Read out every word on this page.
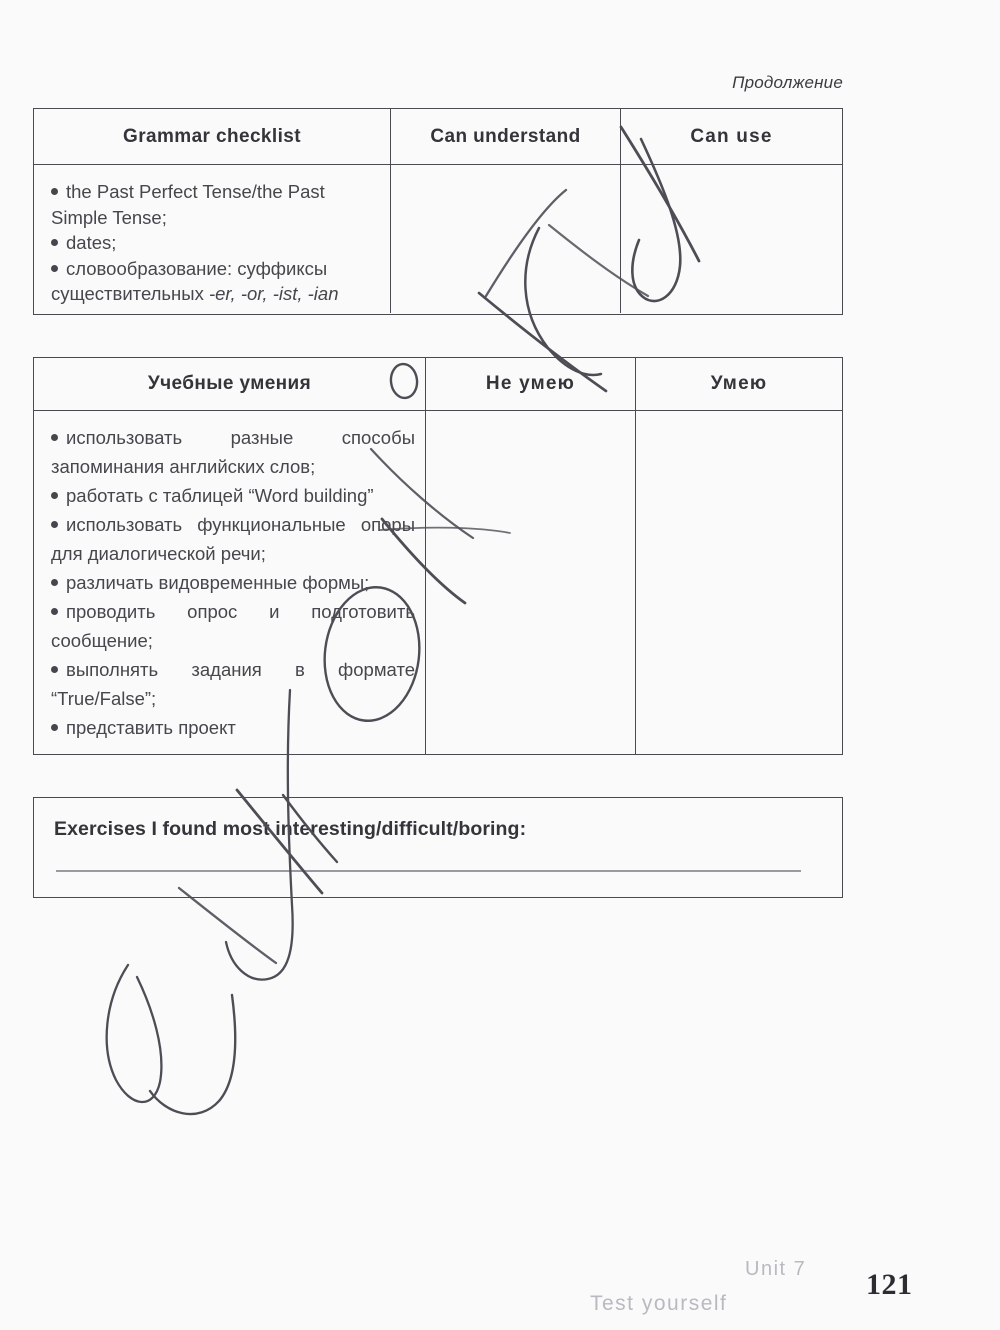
Продолжение
Grammar checklist	Can understand	Can use
the Past Perfect Tense/the Past Simple Tense;
dates;
словообразование: суффиксы существительных -er, -or, -ist, -ian
Учебные умения	Не умею	Умею
использовать разные способы запоминания английских слов;
работать с таблицей “Word building”
использовать функциональные опоры для диалогической речи;
различать видовременные формы;
проводить опрос и подготовить сообщение;
выполнять задания в формате “True/False”;
представить проект
Exercises I found most interesting/difficult/boring:
Unit 7
Test yourself
121
